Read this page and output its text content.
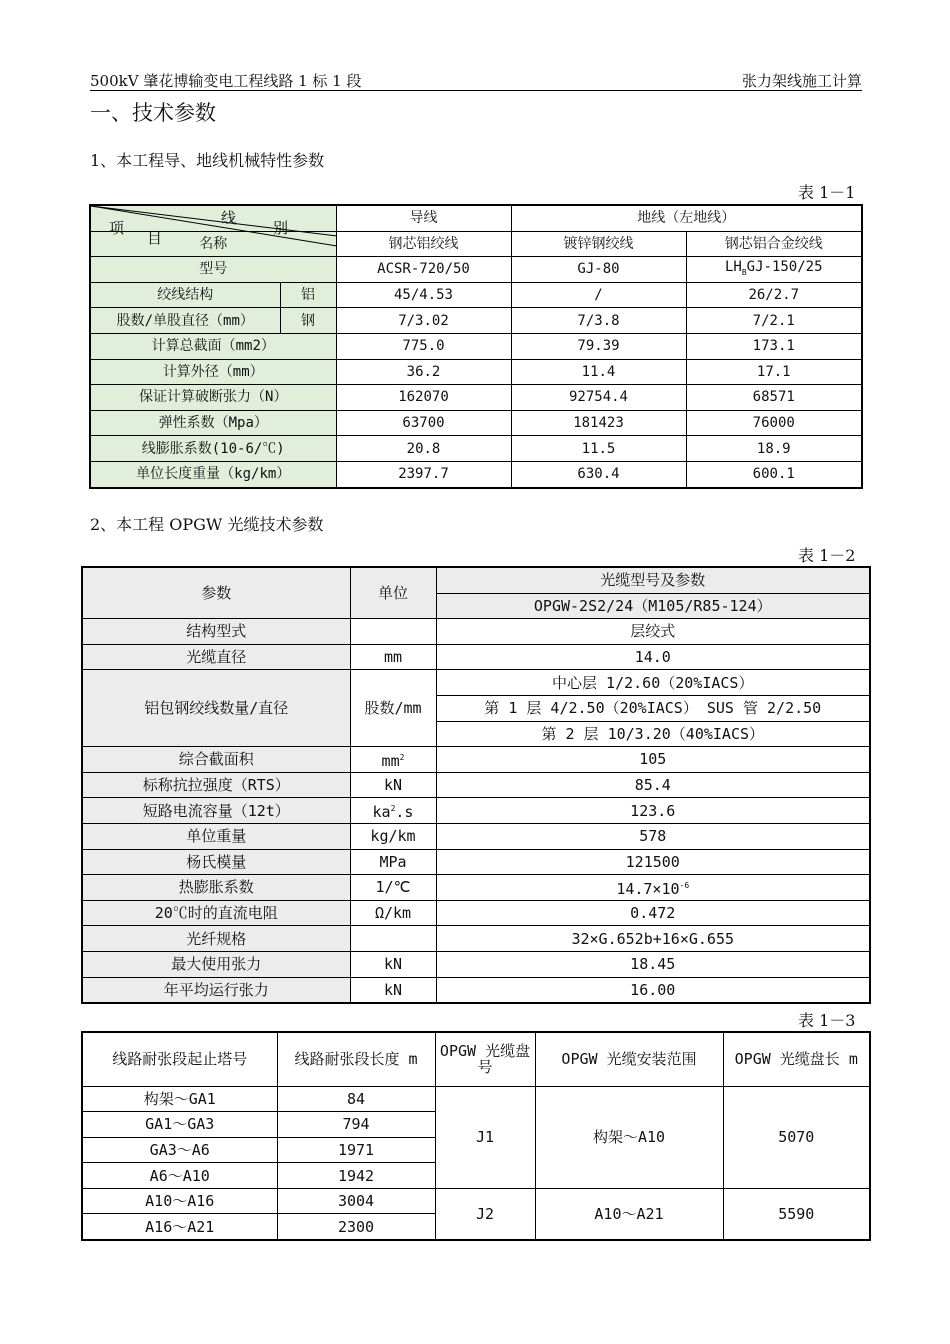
500kV 肇花博输变电工程线路 1 标 1 段	张力架线施工计算
一、技术参数
1、本工程导、地线机械特性参数
表 1－1
线
别
项
目		导线	地线（左地线）	
名称		钢芯铝绞线	镀锌钢绞线	钢芯铝合金绞线
型号		ACSR-720/50	GJ-80	$LH_BGJ-150/25$
绞线结构	铝	45/4.53	/	26/2.7
股数/单股直径（mm）	钢	7/3.02	7/3.8	7/2.1
计算总截面（mm2）		775.0	79.39	173.1
计算外径（mm）		36.2	11.4	17.1
保证计算破断张力（N）		162070	92754.4	68571
弹性系数（Mpa）		63700	181423	76000
线膨胀系数(10-6/℃)		20.8	11.5	18.9
单位长度重量（kg/km）		2397.7	630.4	600.1
2、本工程 OPGW 光缆技术参数
表 1－2
参数	单位	光缆型号及参数
		OPGW-2S2/24（M105/R85-124）
结构型式		层绞式
光缆直径	mm	14.0
铝包钢绞线数量/直径	股数/mm	中心层 1/2.60（20%IACS）
		第 1 层 4/2.50（20%IACS） SUS 管 2/2.50
		第 2 层 10/3.20（40%IACS）
综合截面积	$mm^2$	105
标称抗拉强度（RTS）	kN	85.4
短路电流容量（12t）	$ka^2.s$	123.6
单位重量	kg/km	578
杨氏模量	MPa	121500
热膨胀系数	1/℃	$14.7\times 10^{-6}$
20℃时的直流电阻	Ω/km	0.472
光纤规格		32×G.652b+16×G.655
最大使用张力	kN	18.45
年平均运行张力	kN	16.00
表 1－3
线路耐张段起止塔号	线路耐张段长度 m	OPGW 光缆盘号	OPGW 光缆安装范围	OPGW 光缆盘长 m
构架～GA1	84	J1	构架～A10	5070
GA1～GA3	794			
GA3～A6	1971			
A6～A10	1942			
A10～A16	3004	J2	A10～A21	5590
A16～A21	2300			
